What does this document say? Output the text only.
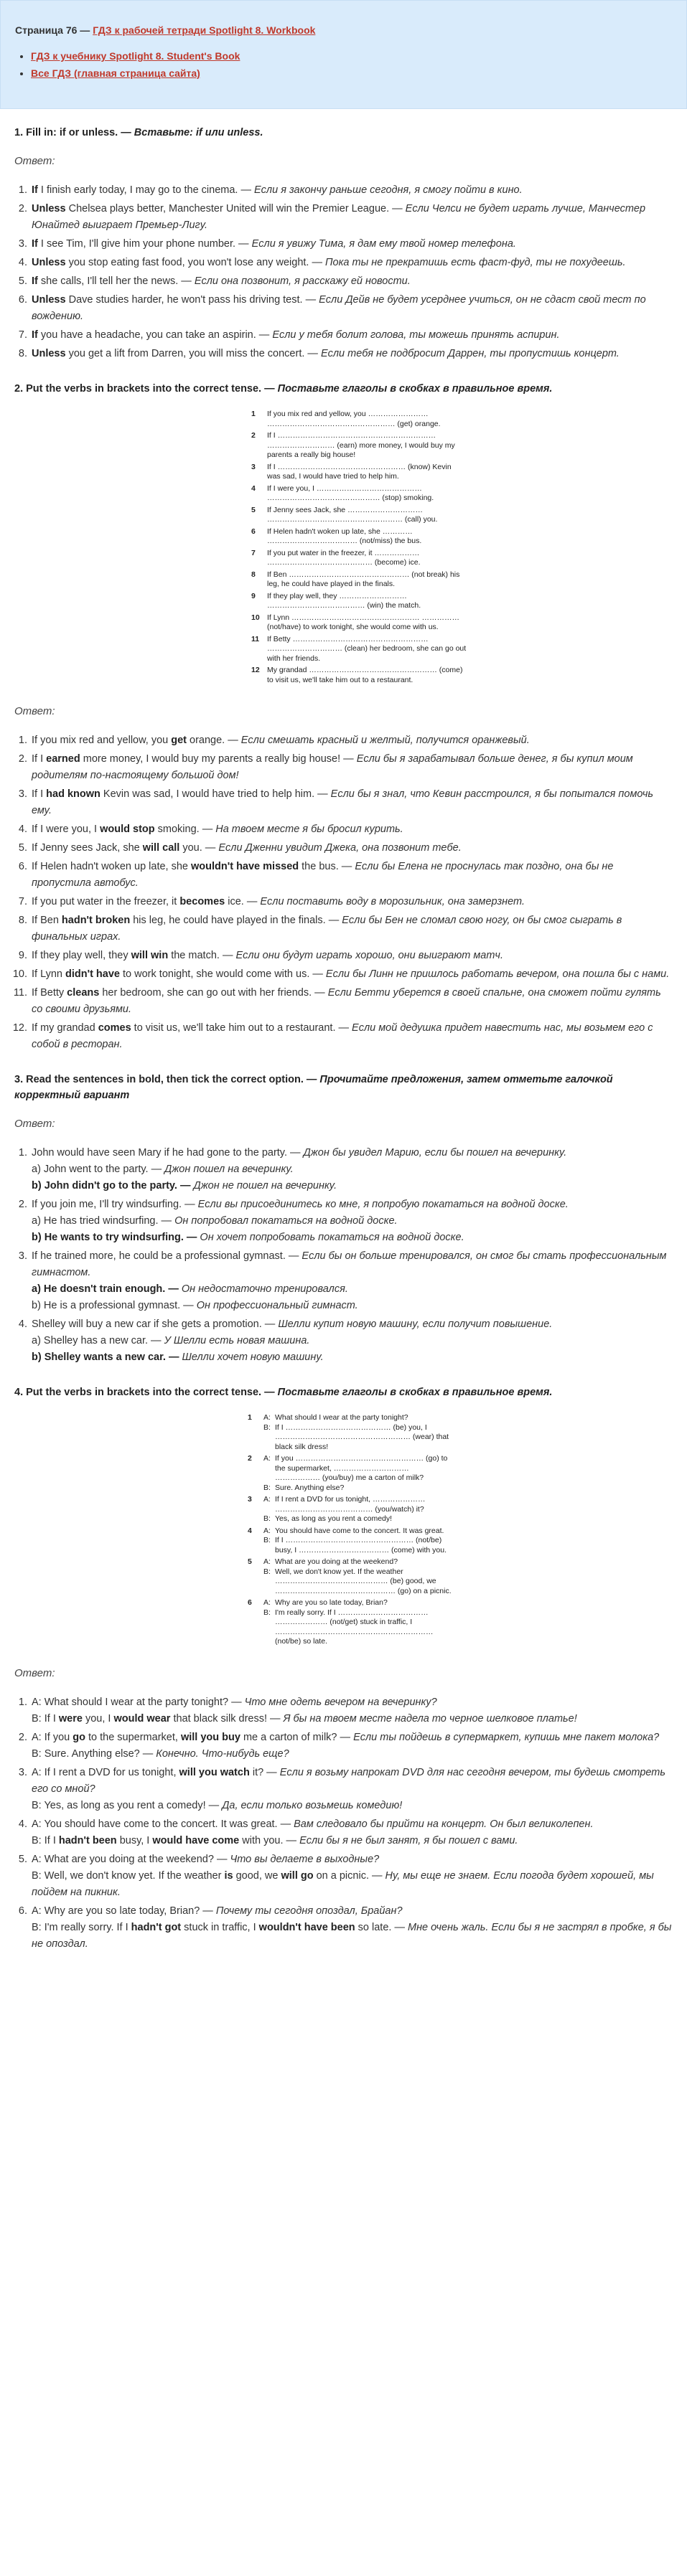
Страница 76 — ГДЗ к рабочей тетради Spotlight 8. Workbook
• ГДЗ к учебнику Spotlight 8. Student's Book
• Все ГДЗ (главная страница сайта)
1. Fill in: if or unless. — Вставьте: if или unless.
Ответ:
1. If I finish early today, I may go to the cinema. — Если я закончу раньше сегодня, я смогу пойти в кино.
2. Unless Chelsea plays better, Manchester United will win the Premier League. — Если Челси не будет играть лучше, Манчестер Юнайтед выиграет Премьер-Лигу.
3. If I see Tim, I'll give him your phone number. — Если я увижу Тима, я дам ему твой номер телефона.
4. Unless you stop eating fast food, you won't lose any weight. — Пока ты не прекратишь есть фаст-фуд, ты не похудеешь.
5. If she calls, I'll tell her the news. — Если она позвонит, я расскажу ей новости.
6. Unless Dave studies harder, he won't pass his driving test. — Если Дейв не будет усерднее учиться, он не сдаст свой тест по вождению.
7. If you have a headache, you can take an aspirin. — Если у тебя болит голова, ты можешь принять аспирин.
8. Unless you get a lift from Darren, you will miss the concert. — Если тебя не подбросит Даррен, ты пропустишь концерт.
2. Put the verbs in brackets into the correct tense. — Поставьте глаголы в скобках в правильное время.
1	If you mix red and yellow, you …………………… …………………………………………… (get) orange.
2	If I ……………………………………………………… ……………………… (earn) more money, I would buy my parents a really big house!
3	If I …………………………………………… (know) Kevin was sad, I would have tried to help him.
4	If I were you, I …………………………………… ……………………………………… (stop) smoking.
5	If Jenny sees Jack, she ………………………… ……………………………………………… (call) you.
6	If Helen hadn't woken up late, she ………… ……………………………… (not/miss) the bus.
7	If you put water in the freezer, it ……………… …………………………………… (become) ice.
8	If Ben ………………………………………… (not break) his leg, he could have played in the finals.
9	If they play well, they ……………………… ………………………………… (win) the match.
10 If Lynn …………………………………………… …………… (not/have) to work tonight, she would come with us.
11	If Betty ……………………………………………… ………………………… (clean) her bedroom, she can go out with her friends.
12 My grandad …………………………………………… (come) to visit us, we'll take him out to a restaurant.
Ответ:
1. If you mix red and yellow, you get orange. — Если смешать красный и желтый, получится оранжевый.
2. If I earned more money, I would buy my parents a really big house! — Если бы я зарабатывал больше денег, я бы купил моим родителям по-настоящему большой дом!
3. If I had known Kevin was sad, I would have tried to help him. — Если бы я знал, что Кевин расстроился, я бы попытался помочь ему.
4. If I were you, I would stop smoking. — На твоем месте я бы бросил курить.
5. If Jenny sees Jack, she will call you. — Если Дженни увидит Джека, она позвонит тебе.
6. If Helen hadn't woken up late, she wouldn't have missed the bus. — Если бы Елена не проснулась так поздно, она бы не пропустила автобус.
7. If you put water in the freezer, it becomes ice. — Если поставить воду в морозильник, она замерзнет.
8. If Ben hadn't broken his leg, he could have played in the finals. — Если бы Бен не сломал свою ногу, он бы смог сыграть в финальных играх.
9. If they play well, they will win the match. — Если они будут играть хорошо, они выиграют матч.
10. If Lynn didn't have to work tonight, she would come with us. — Если бы Линн не пришлось работать вечером, она пошла бы с нами.
11. If Betty cleans her bedroom, she can go out with her friends. — Если Бетти уберется в своей спальне, она сможет пойти гулять со своими друзьями.
12. If my grandad comes to visit us, we'll take him out to a restaurant. — Если мой дедушка придет навестить нас, мы возьмем его с собой в ресторан.
3. Read the sentences in bold, then tick the correct option. — Прочитайте предложения, затем отметьте галочкой корректный вариант
Ответ:
1. John would have seen Mary if he had gone to the party. — Джон бы увидел Марию, если бы пошел на вечеринку.
a) John went to the party. — Джон пошел на вечеринку.
b) John didn't go to the party. — Джон не пошел на вечеринку.
2. If you join me, I'll try windsurfing. — Если вы присоединитесь ко мне, я попробую покататься на водной доске.
a) He has tried windsurfing. — Он попробовал покататься на водной доске.
b) He wants to try windsurfing. — Он хочет попробовать покататься на водной доске.
3. If he trained more, he could be a professional gymnast. — Если бы он больше тренировался, он смог бы стать профессиональным гимнастом.
a) He doesn't train enough. — Он недостаточно тренировался.
b) He is a professional gymnast. — Он профессиональный гимнаст.
4. Shelley will buy a new car if she gets a promotion. — Шелли купит новую машину, если получит повышение.
a) Shelley has a new car. — У Шелли есть новая машина.
b) Shelley wants a new car. — Шелли хочет новую машину.
4. Put the verbs in brackets into the correct tense. — Поставьте глаголы в скобках в правильное время.
1	A: What should I wear at the party tonight?
B: If I …………………………………… (be) you, I ……………………………………………… (wear) that black silk dress!
2	A: If you …………………………………………… (go) to the supermarket, ………………………… ……………… (you/buy) me a carton of milk?
B: Sure. Anything else?
3	A: If I rent a DVD for us tonight, ………………… ………………………………… (you/watch) it?
B: Yes, as long as you rent a comedy!
4	A: You should have come to the concert. It was great.
B: If I …………………………………………… (not/be) busy, I ……………………………… (come) with you.
5	A: What are you doing at the weekend?
B: Well, we don't know yet. If the weather ……………………………………… (be) good, we ………………………………………… (go) on a picnic.
6	A: Why are you so late today, Brian?
B: I'm really sorry. If I ……………………………… ………………… (not/get) stuck in traffic, I ……………………………………………………… (not/be) so late.
Ответ:
1. A: What should I wear at the party tonight? — Что мне одеть вечером на вечеринку?
B: If I were you, I would wear that black silk dress! — Я бы на твоем месте надела то черное шелковое платье!
2. A: If you go to the supermarket, will you buy me a carton of milk? — Если ты пойдешь в супермаркет, купишь мне пакет молока?
B: Sure. Anything else? — Конечно. Что-нибудь еще?
3. A: If I rent a DVD for us tonight, will you watch it? — Если я возьму напрокат DVD для нас сегодня вечером, ты будешь смотреть его со мной?
B: Yes, as long as you rent a comedy! — Да, если только возьмешь комедию!
4. A: You should have come to the concert. It was great. — Вам следовало бы прийти на концерт. Он был великолепен.
B: If I hadn't been busy, I would have come with you. — Если бы я не был занят, я бы пошел с вами.
5. A: What are you doing at the weekend? — Что вы делаете в выходные?
B: Well, we don't know yet. If the weather is good, we will go on a picnic. — Ну, мы еще не знаем. Если погода будет хорошей, мы пойдем на пикник.
6. A: Why are you so late today, Brian? — Почему ты сегодня опоздал, Брайан?
B: I'm really sorry. If I hadn't got stuck in traffic, I wouldn't have been so late. — Мне очень жаль. Если бы я не застрял в пробке, я бы не опоздал.
